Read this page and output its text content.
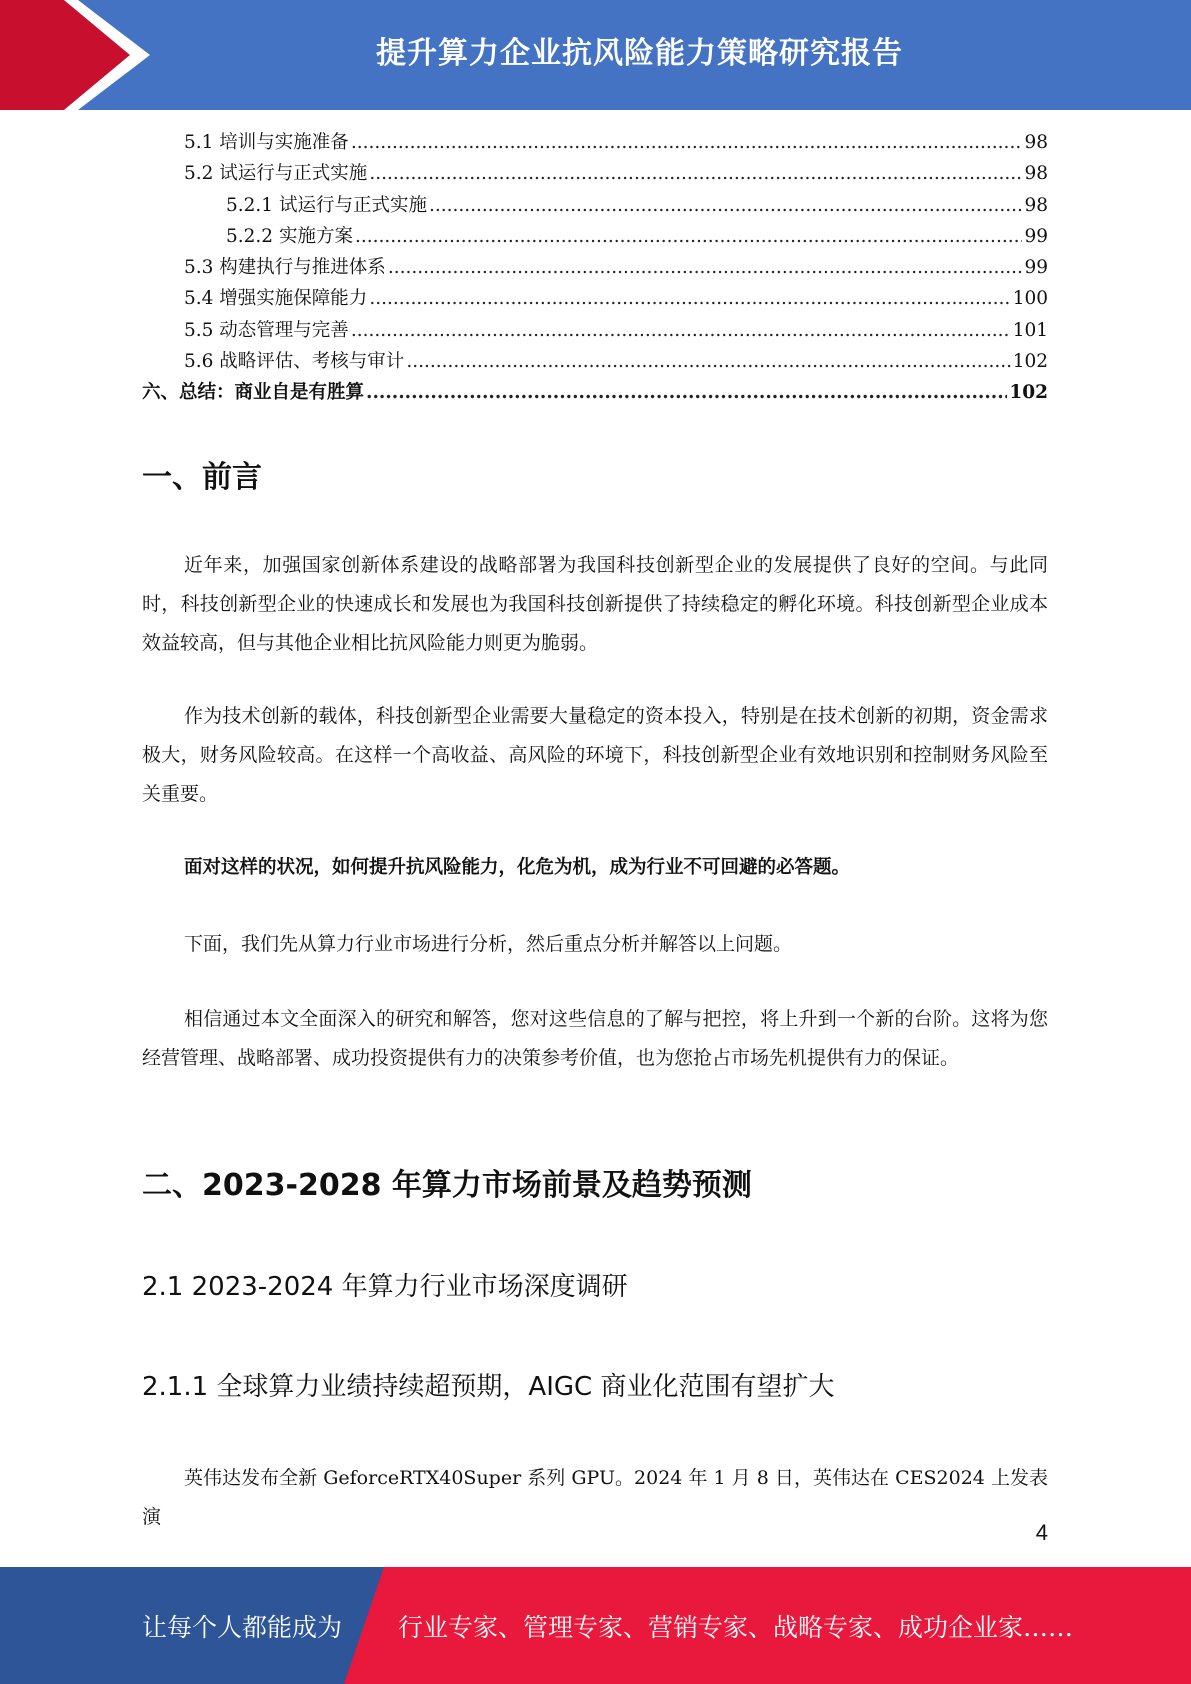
提升算力企业抗风险能力策略研究报告
5.1 培训与实施准备 .....	98
5.2 试运行与正式实施 .....	98
5.2.1 试运行与正式实施 .....	98
5.2.2 实施方案 .....	99
5.3 构建执行与推进体系 .....	99
5.4 增强实施保障能力 .....	100
5.5 动态管理与完善 .....	101
5.6 战略评估、考核与审计 .....	102
六、总结：商业自是有胜算 .....	102
一、前言
近年来，加强国家创新体系建设的战略部署为我国科技创新型企业的发展提供了良好的空间。与此同时，科技创新型企业的快速成长和发展也为我国科技创新提供了持续稳定的孵化环境。科技创新型企业成本效益较高，但与其他企业相比抗风险能力则更为脆弱。
作为技术创新的载体，科技创新型企业需要大量稳定的资本投入，特别是在技术创新的初期，资金需求极大，财务风险较高。在这样一个高收益、高风险的环境下，科技创新型企业有效地识别和控制财务风险至关重要。
面对这样的状况，如何提升抗风险能力，化危为机，成为行业不可回避的必答题。
下面，我们先从算力行业市场进行分析，然后重点分析并解答以上问题。
相信通过本文全面深入的研究和解答，您对这些信息的了解与把控，将上升到一个新的台阶。这将为您经营管理、战略部署、成功投资提供有力的决策参考价值，也为您抢占市场先机提供有力的保证。
二、2023-2028 年算力市场前景及趋势预测
2.1 2023-2024 年算力行业市场深度调研
2.1.1 全球算力业绩持续超预期，AIGC 商业化范围有望扩大
英伟达发布全新 GeforceRTX40Super 系列 GPU。2024 年 1 月 8 日，英伟达在 CES2024 上发表演
4
让每个人都能成为 行业专家、管理专家、营销专家、战略专家、成功企业家……
